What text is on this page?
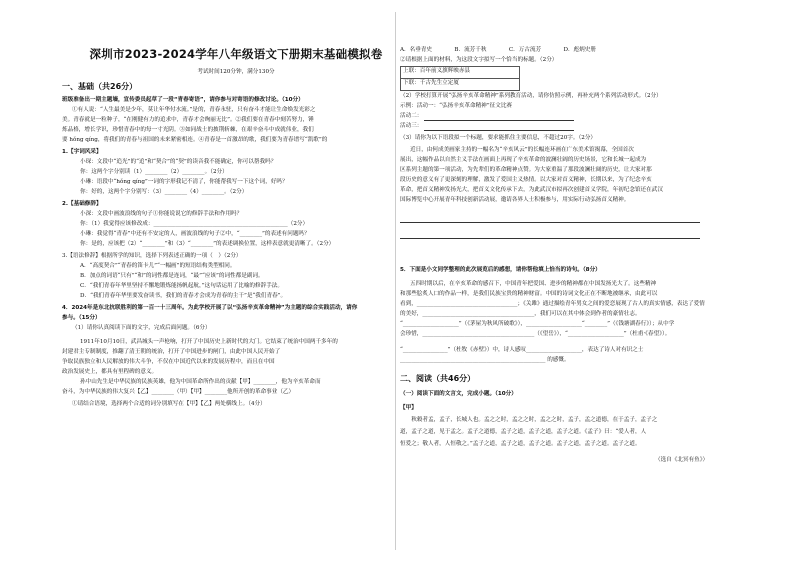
深圳市2023-2024学年八年级语文下册期末基础模拟卷
考试时间120分钟，满分130分
一、基础（共26分）
班级准备出一期主题墙，宣传委员起草了一段“青春寄语”，请你参与对寄语的修改讨论。（10分）
①有人说：“人生最美是少年，莫让年华付水流。”是的，青春永驻，只有奋斗才能让生命焕发光彩之
美。青春就是一粒种子，“在刚健有力的追求中，青春才会绚丽无比”。②我们要在青春中刻苦努力，锤
炼品格，增长学识，珍惜青春中的每一寸光阴。③如同战士的披荆斩棘，在艰辛奋斗中成就伟业，我们
要 hǒng qíng，将我们的青春与祖国的未来紧密相连。④青春是一首激昂的歌，我们要为青春谱写“凯歌”的
1.【字词风采】
小琛：文段中“追光”的“追”和“契合”的“契”的读音我不能确定，你可以帮我吗？
你：这两个字分别读（1）________（2）________。（2分）
小琳：语段中“hǒng qíng”一词的字形我记不清了，你能帮我写一下这个词，好吗？
你：好的，这两个字分别写：（3）________（4）________。（2分）
2.【基础修辞】
小深：文段中画波浪线的句子①你能说说它的修辞手法和作用吗？
你：（1）我觉得应该修改成：________________________________________________（2分）
小琳：我觉得“青春”中还有不安定的人，画波浪线的句子②中，“________”的表述有问题吗？
你：是的，应该把（2）“________”和（3）“________”的表述调换位置，这样表意就更清晰了。（2分）
3.【语法修辞】根据所学的知识，选择下列表述正确的一项（　）（2分）
A．“高度契合”“青春的笛卡儿”“一幅画”的短语结构类型相同。
B．加点的词语“只有”“和”的词性都是连词，“最”“应该”的词性都是副词。
C．“我们青春年华里坚持不懈地锻炼能扬帆起航，”这句话运用了比喻的修辞手法。
D．“我们青春年华里要发奋读书，我们的青春才会成为青春的主干”是“我们青春”。
4．2024年是东北抗联胜利的第一百一十三周年。为此学校开展了以“弘扬辛亥革命精神”为主题的综合实践活动，请你
参与。（15分）
（1）请你认真阅读下面的文字，完成后面问题。（6分）
1911年10月10日，武昌城头一声枪响，打开了中国历史上新时代的大门。它结束了统治中国两千多年的
封建君主专制制度，推翻了清王朝的统治，打开了中国进步的闸门，由此中国人民开始了
争取民族独立和人民解放的伟大斗争，不仅在中国近代以来的发展历程中，而且在中国
政治发展史上，都具有里程碑的意义。
孙中山先生是中华民族的民族英雄，他为中国革命所作出的贡献【甲】________，他为辛亥革命而
奋斗，为中华民族的伟大复兴【乙】________（甲）【甲】________他所开创的革命事业（乙）
①请结合语境，选择两个合适的词分别填写在【甲】【乙】两处横线上。（4分）
A．名垂青史　　　　B．流芳千秋　　　　C．万古流芳　　　　D．彪炳史册
②请根据上面的材料，为这段文字拟写一个恰当的标题。（2分）
上联：百年前义旗辉映赤县
下联：千古先生立定厦
（2）学校打算开展“弘扬辛亥革命精神”系列教育活动，请你仿照示例，再补充两个系列活动形式。（2分）
示例：活动一：“弘扬辛亥革命精神”征文比赛
活动二：
活动三：
（3）请你为以下语段拟一个标题，要求能抓住主要信息，不超过20字。（2分）
近日，由何成美画家主持的一幅名为“辛亥风云”的长幅连环画在广东美术馆揭幕，全国首次
展出，这幅作品以自然主义手法在画面上再现了辛亥革命的波澜壮阔的历史场景，它和长城一起成为
区系列主题的第一项活动，为先辈们的革命精神点赞。为大家重温了那段波澜壮阔的历史，让大家对那
段历史的意义有了更深刻的理解，激发了爱国主义热情。以大家对首义精神，长期以来，为了纪念辛亥
革命，把首义精神发扬光大，把首义文化传承下去，为此武汉市拟再次创建首义学院，年初纪念馆还在武汉
国际博览中心开展青年科技创新活动展，邀请各界人士积极参与，用实际行动弘扬首义精神。
5．下面是小文同学整理的此次展览后的感想，请你帮他填上恰当的诗句。（8分）
五四时期以后，在辛亥革命的感召下，中国青年把爱国、进步的精神都在中国发扬光大了。这些精神
和那些脍炙人口的作品一样，是我们民族宝贵的精神财富。中国的诗词文化正在不断地被继承，由此可以
看到，____________________________________；《关雎》通过描绘青年男女之间的爱恋展现了古人的真实情感，表达了爱情
的美好，________________________________________，我们可以在其中体会到作者的豪情壮志。
“____________________”（《茅屋为秋风所破歌》），____________________“________”（《钱塘湖春行》）；从中学
会珍惜，________________________________________（《望岳》），“____________________”（杜甫·《春望》）。
“________________”（杜牧《赤壁》）中，诗人感叹____________________，表达了诗人对有识之士
____________________________________________________ 的感慨。
二、阅读（共46分）
（一）阅读下面的文言文，完成小题。（10分）
【甲】
　　秋穀者孟，孟子，长城人也。孟之之时，孟之之时，孟之之时，孟子，孟之道德，在于孟子，孟子之
道，孟子之道，见于孟之。孟子之道德，孟子之道，孟子之道，孟子之道。《孟子》曰：“爱人者，人
恒爱之；敬人者，人恒敬之。”孟子之道，孟子之道，孟子之道。孟子之道，孟子之道。孟子之道。
（选自《北冥有鱼》）
